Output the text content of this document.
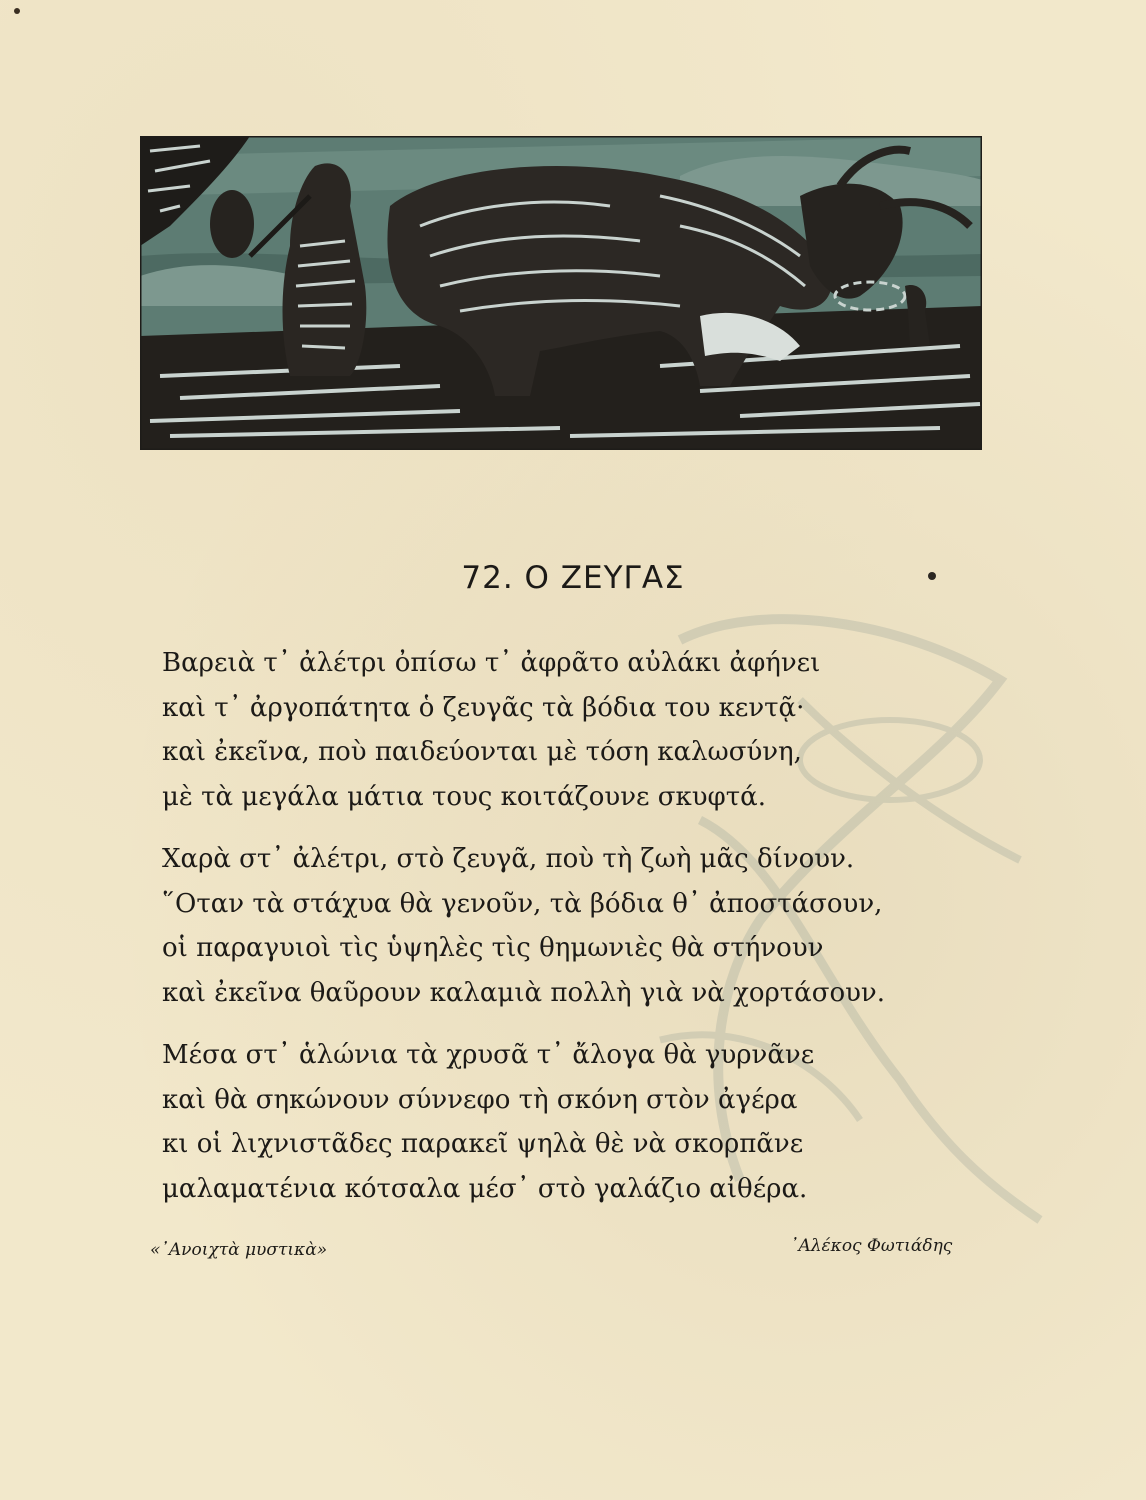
72. Ο ΖΕΥΓΑΣ
Βαρειὰ τ᾽ ἀλέτρι ὀπίσω τ᾽ ἀφρᾶτο αὐλάκι ἀφήνει
καὶ τ᾽ ἀργοπάτητα ὁ ζευγᾶς τὰ βόδια του κεντᾷ·
καὶ ἐκεῖνα, ποὺ παιδεύονται μὲ τόση καλωσύνη,
μὲ τὰ μεγάλα μάτια τους κοιτάζουνε σκυφτά.
Χαρὰ στ᾽ ἀλέτρι, στὸ ζευγᾶ, ποὺ τὴ ζωὴ μᾶς δίνουν.
῞Οταν τὰ στάχυα θὰ γενοῦν, τὰ βόδια θ᾽ ἀποστάσουν,
οἱ παραγυιοὶ τὶς ὑψηλὲς τὶς θημωνιὲς θὰ στήνουν
καὶ ἐκεῖνα θαῦρουν καλαμιὰ πολλὴ γιὰ νὰ χορτάσουν.
Μέσα στ᾽ ἁλώνια τὰ χρυσᾶ τ᾽ ἄλογα θὰ γυρνᾶνε
καὶ θὰ σηκώνουν σύννεφο τὴ σκόνη στὸν ἀγέρα
κι οἱ λιχνιστᾶδες παρακεῖ ψηλὰ θὲ νὰ σκορπᾶνε
μαλαματένια κότσαλα μέσ᾽ στὸ γαλάζιο αἰθέρα.
«᾽Ανοιχτὰ μυστικὰ»	᾽Αλέκος Φωτιάδης
